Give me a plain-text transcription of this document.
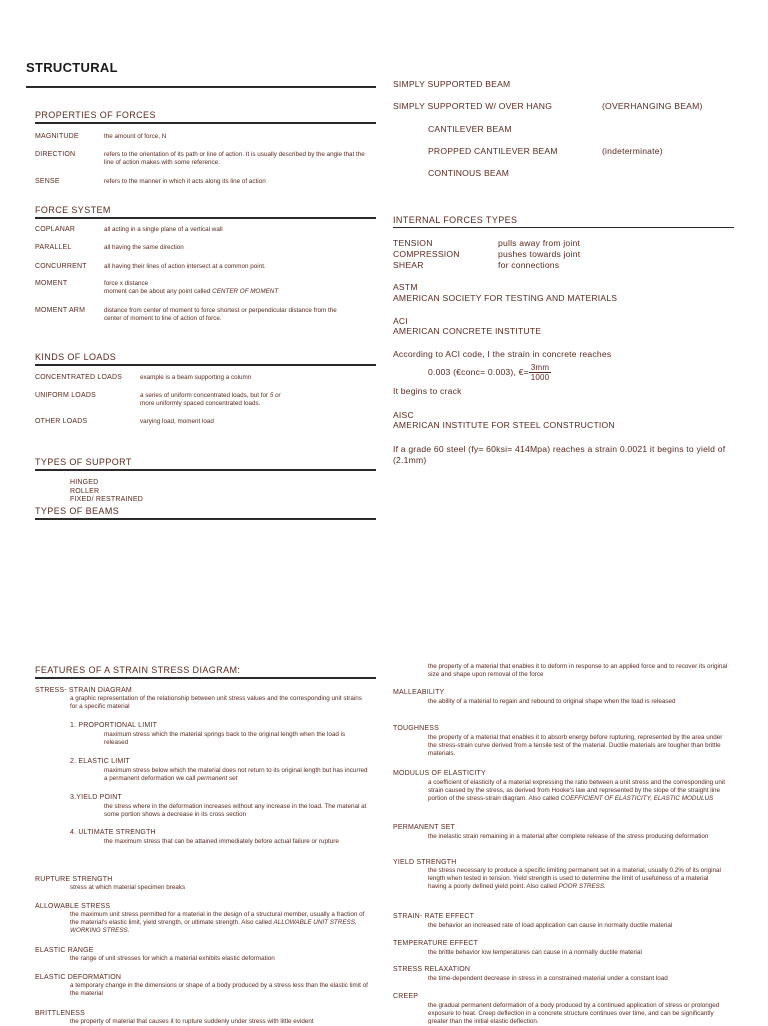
STRUCTURAL
PROPERTIES OF FORCES
MAGNITUDE	the amount of force, N
DIRECTION	refers to the orientation of its path or line of action. It is usually described by the angle that the line of action makes with some reference.
SENSE	refers to the manner in which it acts along its line of action
FORCE SYSTEM
COPLANAR	all acting in a single plane of a vertical wall
PARALLEL	all having the same direction
CONCURRENT	all having their lines of action intersect at a common point.
MOMENT	force x distance
moment can be about any point called CENTER OF MOMENT
MOMENT ARM	distance from center of moment to force shortest or perpendicular distance from the center of moment to line of action of force.
KINDS OF LOADS
CONCENTRATED LOADS	example is a beam supporting a column
UNIFORM LOADS	a series of uniform concentrated loads, but for 5 or
more uniformly spaced concentrated loads.
OTHER LOADS	varying load, moment load
TYPES OF SUPPORT
HINGED
ROLLER
FIXED/ RESTRAINED
TYPES OF BEAMS
SIMPLY SUPPORTED BEAM
SIMPLY SUPPORTED W/ OVER HANG	(OVERHANGING BEAM)
CANTILEVER BEAM
PROPPED CANTILEVER BEAM	(indeterminate)
CONTINOUS BEAM
INTERNAL FORCES TYPES
TENSION	pulls away from joint
COMPRESSION	pushes towards joint
SHEAR	for connections
ASTM
AMERICAN SOCIETY FOR TESTING AND MATERIALS
ACI
AMERICAN CONCRETE INSTITUTE
According to ACI code, I the strain in concrete reaches
0.003 (€conc= 0.003), €= $\frac{3mm}{1000}$
It begins to crack
AISC
AMERICAN INSTITUTE FOR STEEL CONSTRUCTION
If a grade 60 steel (fy= 60ksi= 414Mpa) reaches a strain 0.0021 it begins to yield of (2.1mm)
FEATURES OF A STRAIN STRESS DIAGRAM:
STRESS- STRAIN DIAGRAM
a graphic representation of the relationship between unit stress values and the corresponding unit strains for a specific material
1. PROPORTIONAL LIMIT
maximum stress which the material springs back to the original length when the load is released
2. ELASTIC LIMIT
maximum stress below which the material does not return to its original length but has incurred a permanent deformation we call permanent set
3.YIELD POINT
the stress where in the deformation increases without any increase in the load. The material at some portion shows a decrease in its cross section
4. ULTIMATE STRENGTH
the maximum stress that can be attained immediately before actual failure or rupture
RUPTURE STRENGTH
stress at which material specimen breaks
ALLOWABLE STRESS
the maximum unit stress permitted for a material in the design of a structural member, usually a fraction of the material's elastic limit, yield strength, or ultimate strength. Also called ALLOWABLE UNIT STRESS, WORKING STRESS.
ELASTIC RANGE
the range of unit stresses for which a material exhibits elastic deformation
ELASTIC DEFORMATION
a temporary change in the dimensions or shape of a body produced by a stress less than the elastic limit of the material
BRITTLENESS
the property of material that causes it to rupture suddenly under stress with little evident
the property of a material that enables it to deform in response to an applied force and to recover its original size and shape upon removal of the force
MALLEABILITY
the ability of a material to regain and rebound to original shape when the load is released
TOUGHNESS
the property of a material that enables it to absorb energy before rupturing, represented by the area under the stress-strain curve derived from a tensile test of the material. Ductile materials are tougher than brittle materials.
MODULUS OF ELASTICITY
a coefficient of elasticity of a material expressing the ratio between a unit stress and the corresponding unit strain caused by the stress, as derived from Hooke's law and represented by the slope of the straight line portion of the stress-strain diagram. Also called COEFFICIENT OF ELASTICITY, ELASTIC MODULUS
PERMANENT SET
the inelastic strain remaining in a material after complete release of the stress producing deformation
YIELD STRENGTH
the stress necessary to produce a specific limiting permanent set in a material, usually 0.2% of its original length when tested in tension. Yield strength is used to determine the limit of usefulness of a material having a poorly defined yield point. Also called POOR STRESS.
STRAIN- RATE EFFECT
the behavior an increased rate of load application can cause in normally ductile material
TEMPERATURE EFFECT
the brittle behavior low temperatures can cause in a normally ductile material
STRESS RELAXATION
the time-dependent decrease in stress in a constrained material under a constant load
CREEP
the gradual permanent deformation of a body produced by a continued application of stress or prolonged exposure to heat. Creep deflection in a concrete structure continues over time, and can be significantly greater than the initial elastic deflection.
